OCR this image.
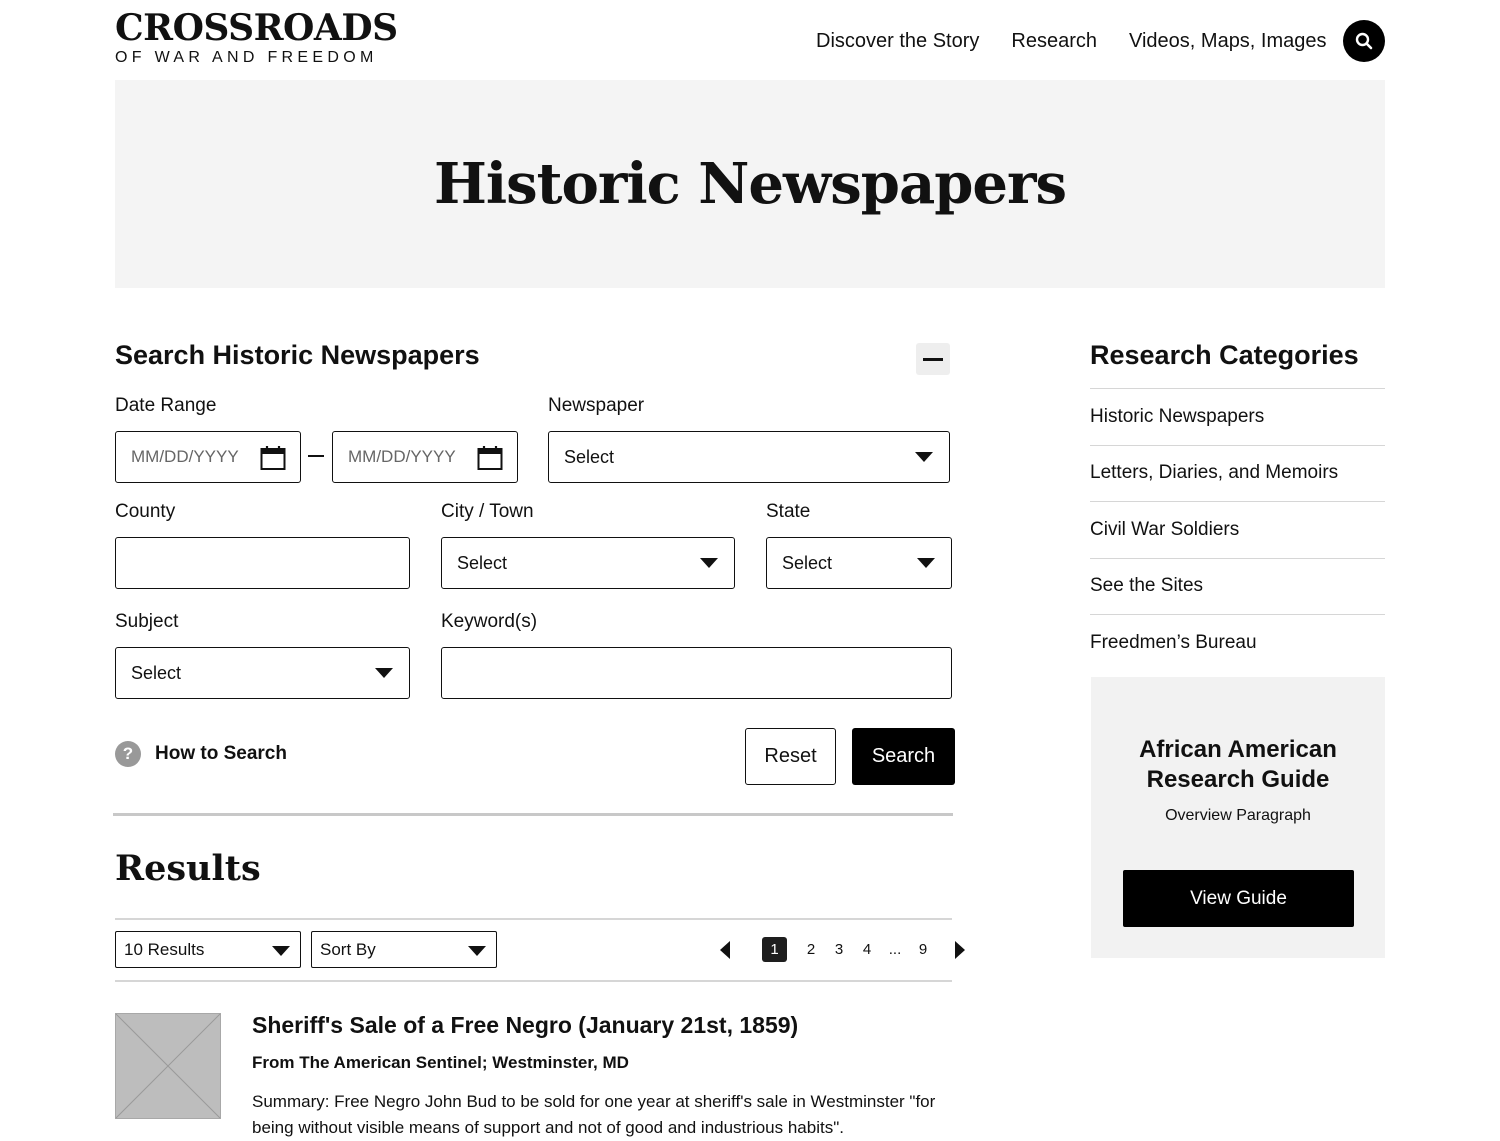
CROSSROADS
OF WAR AND FREEDOM
Discover the Story Research Videos, Maps, Images
Historic Newspapers
Search Historic Newspapers
Date Range
MM/DD/YYYY	MM/DD/YYYY
Newspaper
Select
County	City / Town
Select
State
Select
Subject
Select
Keyword(s)
?	How to Search	Reset	Search
Results
10 Results	Sort By	1	2	3	4	...	9
Sheriff's Sale of a Free Negro (January 21st, 1859)
From The American Sentinel; Westminster, MD
Summary: Free Negro John Bud to be sold for one year at sheriff's sale in Westminster "for being without visible means of support and not of good and industrious habits".
Research Categories
Historic Newspapers
Letters, Diaries, and Memoirs
Civil War Soldiers
See the Sites
Freedmen’s Bureau
African American Research Guide
Overview Paragraph
View Guide
